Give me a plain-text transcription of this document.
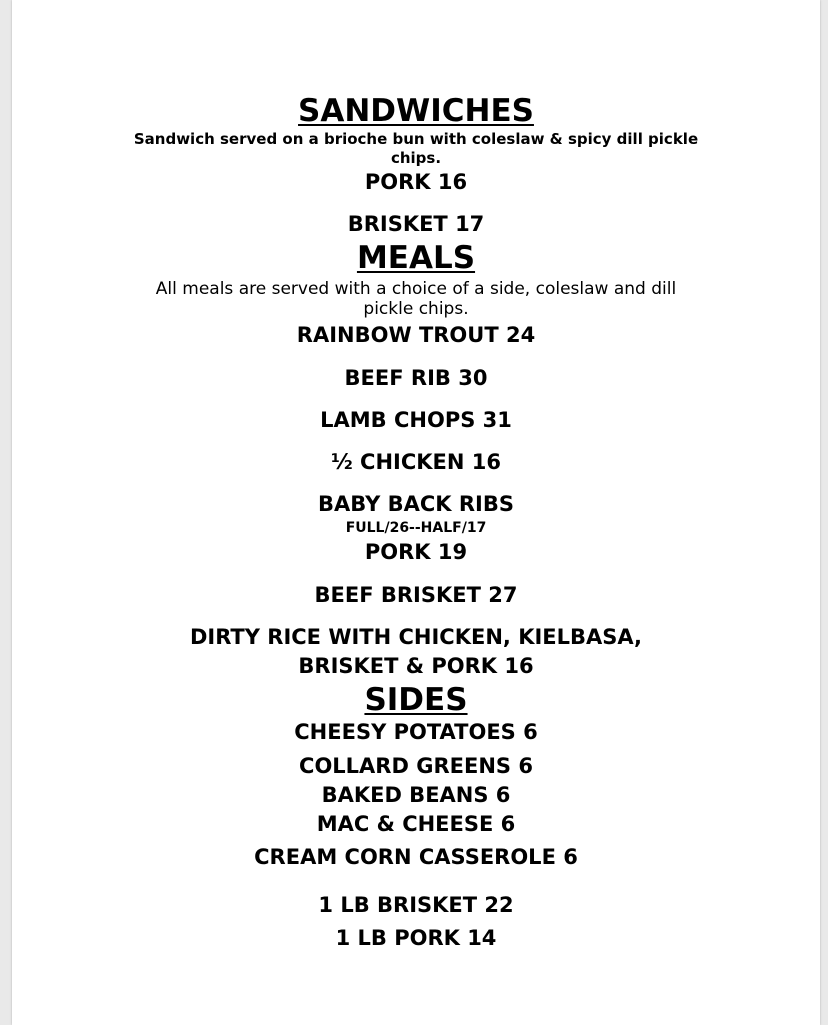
SANDWICHES
Sandwich served on a brioche bun with coleslaw & spicy dill pickle
chips.
PORK 16
BRISKET 17
MEALS
All meals are served with a choice of a side, coleslaw and dill
pickle chips.
RAINBOW TROUT 24
BEEF RIB 30
LAMB CHOPS 31
½ CHICKEN 16
BABY BACK RIBS
FULL/26--HALF/17
PORK 19
BEEF BRISKET 27
DIRTY RICE WITH CHICKEN, KIELBASA,
BRISKET & PORK 16
SIDES
CHEESY POTATOES 6
COLLARD GREENS 6
BAKED BEANS 6
MAC & CHEESE 6
CREAM CORN CASSEROLE 6
1 LB BRISKET 22
1 LB PORK 14
